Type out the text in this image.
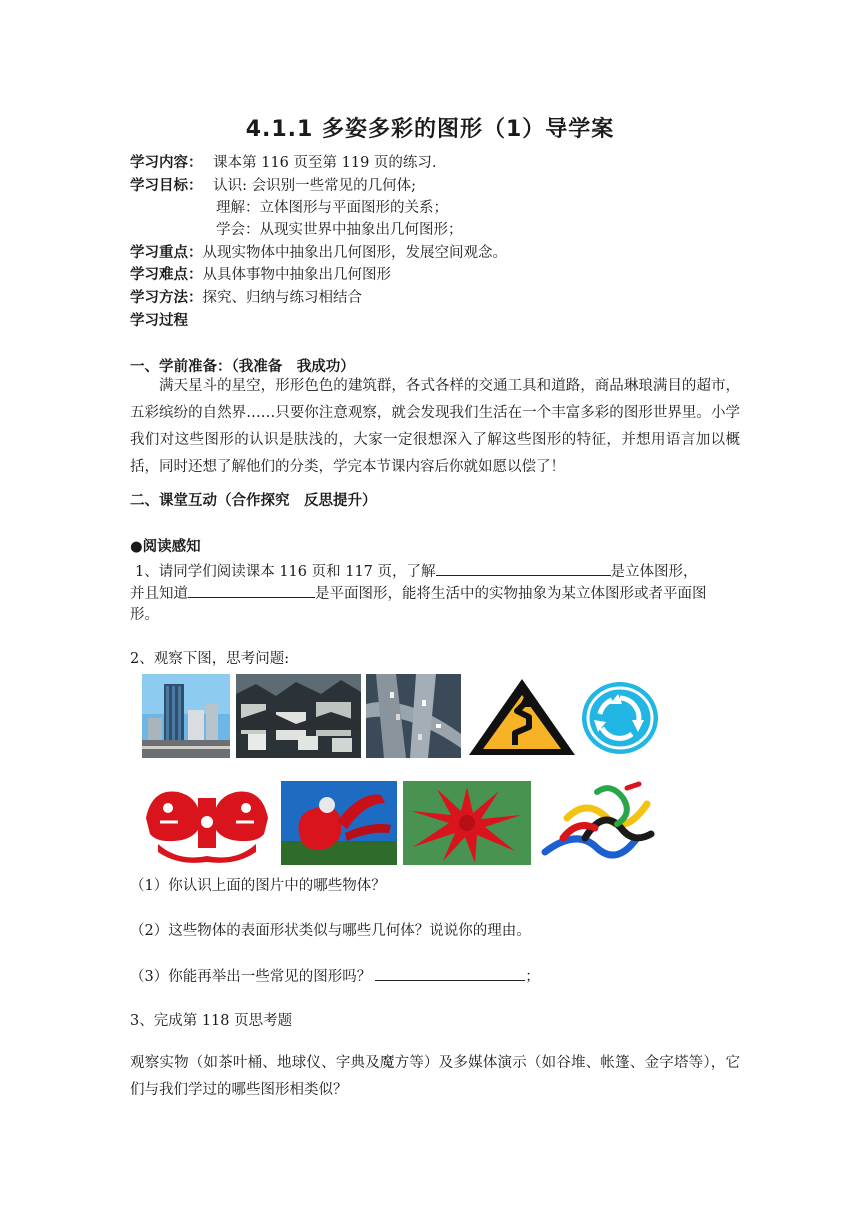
4.1.1 多姿多彩的图形（1）导学案
学习内容： 课本第 116 页至第 119 页的练习.
学习目标： 认识: 会识别一些常见的几何体;
理解：立体图形与平面图形的关系；
学会：从现实世界中抽象出几何图形；
学习重点：从现实物体中抽象出几何图形，发展空间观念。
学习难点：从具体事物中抽象出几何图形
学习方法：探究、归纳与练习相结合
学习过程
一、学前准备：（我准备　我成功）
满天星斗的星空，形形色色的建筑群，各式各样的交通工具和道路，商品琳琅满目的超市，五彩缤纷的自然界……只要你注意观察，就会发现我们生活在一个丰富多彩的图形世界里。小学我们对这些图形的认识是肤浅的，大家一定很想深入了解这些图形的特征，并想用语言加以概括，同时还想了解他们的分类，学完本节课内容后你就如愿以偿了！
二、课堂互动（合作探究　反思提升）
●阅读感知
1、请同学们阅读课本 116 页和 117 页，了解	是立体图形，
并且知道	是平面图形，能将生活中的实物抽象为某立体图形或者平面图
形。
2、观察下图，思考问题:
（1）你认识上面的图片中的哪些物体？
（2）这些物体的表面形状类似与哪些几何体？说说你的理由。
（3）你能再举出一些常见的图形吗？	；
3、完成第 118 页思考题
观察实物（如茶叶桶、地球仪、字典及魔方等）及多媒体演示（如谷堆、帐篷、金字塔等），它们与我们学过的哪些图形相类似？
